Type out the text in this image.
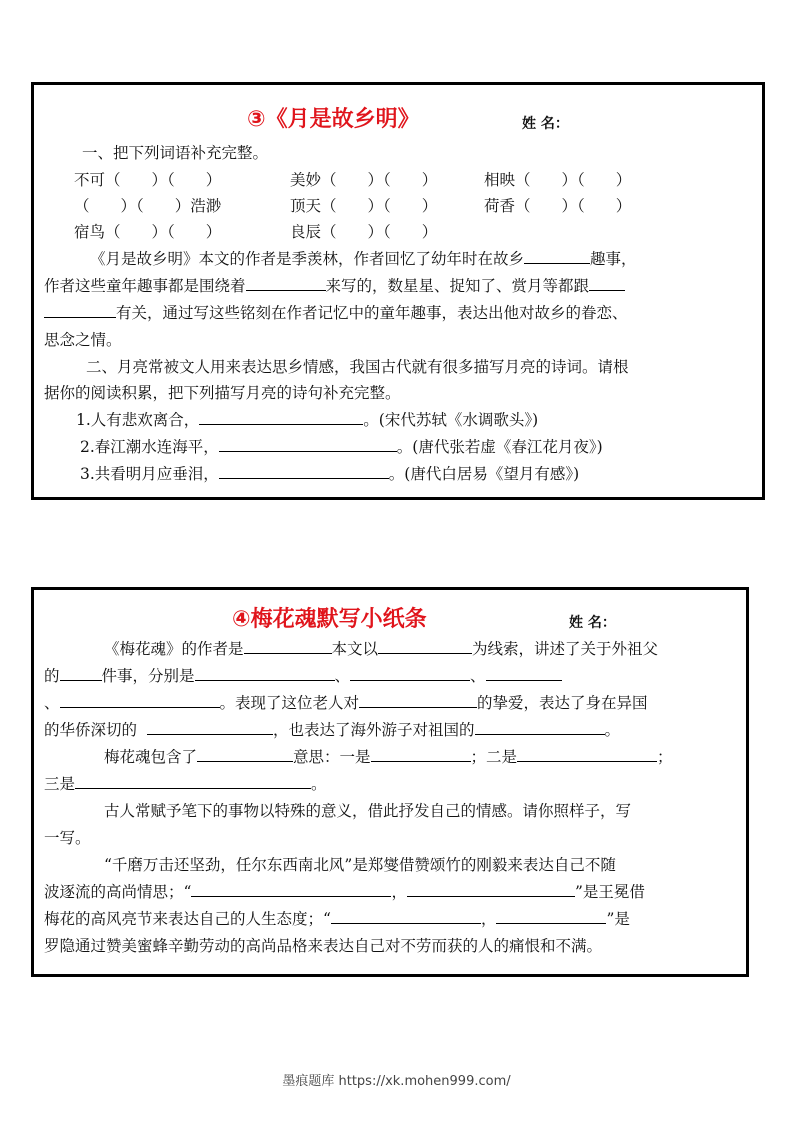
③《月是故乡明》	姓 名：
一、把下列词语补充完整。
不可（　　）（　　）	美妙（　　）（　　）	相映（　　）（　　）
（　　）（　　）浩渺	顶天（　　）（　　）	荷香（　　）（　　）
宿鸟（　　）（　　）	良辰（　　）（　　）
《月是故乡明》本文的作者是季羡林，作者回忆了幼年时在故乡	趣事，
作者这些童年趣事都是围绕着	来写的，数星星、捉知了、赏月等都跟
有关，通过写这些铭刻在作者记忆中的童年趣事，表达出他对故乡的眷恋、
思念之情。
二、月亮常被文人用来表达思乡情感，我国古代就有很多描写月亮的诗词。请根
据你的阅读积累，把下列描写月亮的诗句补充完整。
1.人有悲欢离合，	。(宋代苏轼《水调歌头》)
2.春江潮水连海平，	。(唐代张若虚《春江花月夜》)
3.共看明月应垂泪，	。(唐代白居易《望月有感》)
④梅花魂默写小纸条	姓 名：
《梅花魂》的作者是	本文以	为线索，讲述了关于外祖父
的	件事，分别是	、	、
、	。表现了这位老人对	的挚爱，表达了身在异国
的华侨深切的	，也表达了海外游子对祖国的	。
梅花魂包含了	意思：一是	；二是	；
三是	。
古人常赋予笔下的事物以特殊的意义，借此抒发自己的情感。请你照样子，写
一写。
“千磨万击还坚劲，任尔东西南北风”是郑燮借赞颂竹的刚毅来表达自己不随
波逐流的高尚情思；“	，	”是王冕借
梅花的高风亮节来表达自己的人生态度；“	，	”是
罗隐通过赞美蜜蜂辛勤劳动的高尚品格来表达自己对不劳而获的人的痛恨和不满。
墨痕题库 https://xk.mohen999.com/
